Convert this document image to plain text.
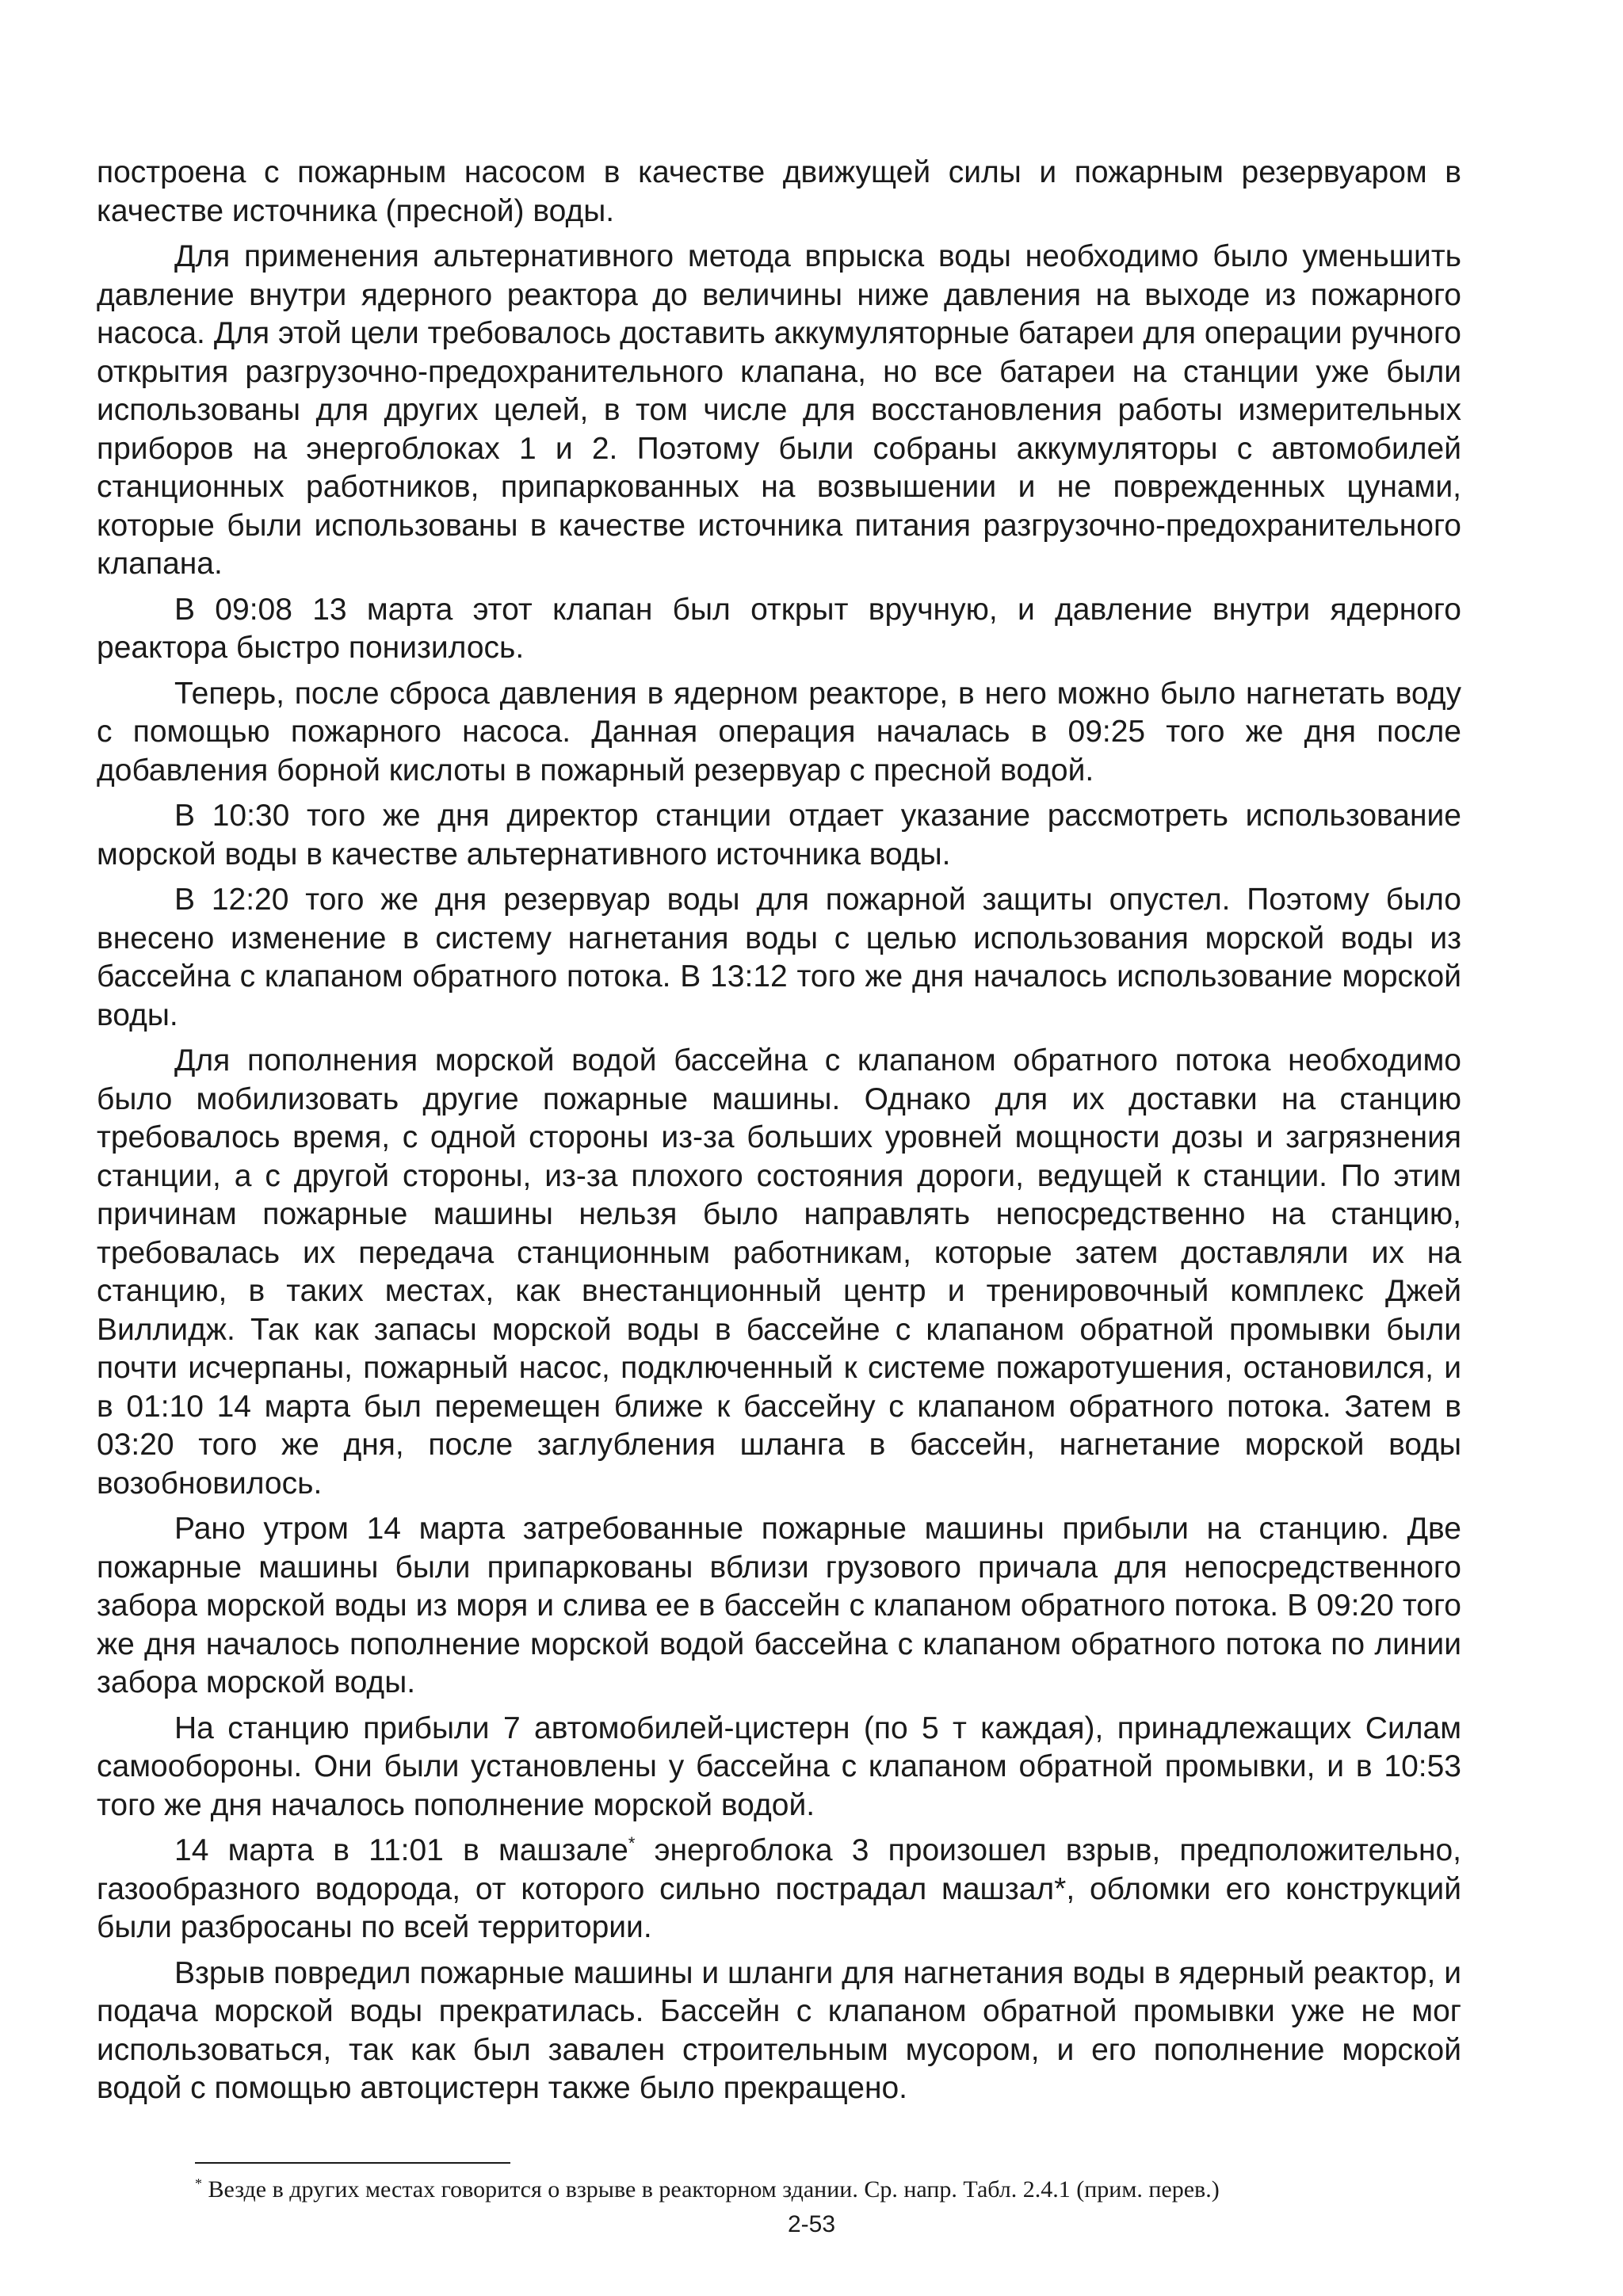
построена с пожарным насосом в качестве движущей силы и пожарным резервуаром в качестве источника (пресной) воды.

Для применения альтернативного метода впрыска воды необходимо было уменьшить давление внутри ядерного реактора до величины ниже давления на выходе из пожарного насоса. Для этой цели требовалось доставить аккумуляторные батареи для операции ручного открытия разгрузочно-предохранительного клапана, но все батареи на станции уже были использованы для других целей, в том числе для восстановления работы измерительных приборов на энергоблоках 1 и 2. Поэтому были собраны аккумуляторы с автомобилей станционных работников, припаркованных на возвышении и не поврежденных цунами, которые были использованы в качестве источника питания разгрузочно-предохранительного клапана.

В 09:08 13 марта этот клапан был открыт вручную, и давление внутри ядерного реактора быстро понизилось.

Теперь, после сброса давления в ядерном реакторе, в него можно было нагнетать воду с помощью пожарного насоса. Данная операция началась в 09:25 того же дня после добавления борной кислоты в пожарный резервуар с пресной водой.

В 10:30 того же дня директор станции отдает указание рассмотреть использование морской воды в качестве альтернативного источника воды.

В 12:20 того же дня резервуар воды для пожарной защиты опустел. Поэтому было внесено изменение в систему нагнетания воды с целью использования морской воды из бассейна с клапаном обратного потока. В 13:12 того же дня началось использование морской воды.

Для пополнения морской водой бассейна с клапаном обратного потока необходимо было мобилизовать другие пожарные машины. Однако для их доставки на станцию требовалось время, с одной стороны из-за больших уровней мощности дозы и загрязнения станции, а с другой стороны, из-за плохого состояния дороги, ведущей к станции. По этим причинам пожарные машины нельзя было направлять непосредственно на станцию, требовалась их передача станционным работникам, которые затем доставляли их на станцию, в таких местах, как внестанционный центр и тренировочный комплекс Джей Виллидж. Так как запасы морской воды в бассейне с клапаном обратной промывки были почти исчерпаны, пожарный насос, подключенный к системе пожаротушения, остановился, и в 01:10 14 марта был перемещен ближе к бассейну с клапаном обратного потока. Затем в 03:20 того же дня, после заглубления шланга в бассейн, нагнетание морской воды возобновилось.

Рано утром 14 марта затребованные пожарные машины прибыли на станцию. Две пожарные машины были припаркованы вблизи грузового причала для непосредственного забора морской воды из моря и слива ее в бассейн с клапаном обратного потока. В 09:20 того же дня началось пополнение морской водой бассейна с клапаном обратного потока по линии забора морской воды.

На станцию прибыли 7 автомобилей-цистерн (по 5 т каждая), принадлежащих Силам самообороны. Они были установлены у бассейна с клапаном обратной промывки, и в 10:53 того же дня началось пополнение морской водой.

14 марта в 11:01 в машзале* энергоблока 3 произошел взрыв, предположительно, газообразного водорода, от которого сильно пострадал машзал*, обломки его конструкций были разбросаны по всей территории.

Взрыв повредил пожарные машины и шланги для нагнетания воды в ядерный реактор, и подача морской воды прекратилась. Бассейн с клапаном обратной промывки уже не мог использоваться, так как был завален строительным мусором, и его пополнение морской водой с помощью автоцистерн также было прекращено.

* Везде в других местах говорится о взрыве в реакторном здании. Ср. напр. Табл. 2.4.1 (прим. перев.)

2-53
